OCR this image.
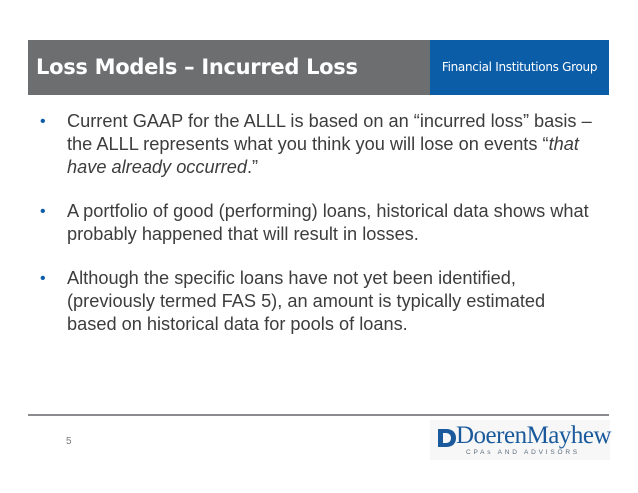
Loss Models – Incurred Loss	Financial Institutions Group
• Current GAAP for the ALLL is based on an “incurred loss” basis – the ALLL represents what you think you will lose on events “that have already occurred.”
• A portfolio of good (performing) loans, historical data shows what probably happened that will result in losses.
• Although the specific loans have not yet been identified, (previously termed FAS 5), an amount is typically estimated based on historical data for pools of loans.
5	DoerenMayhew
CPAs AND ADVISORS
